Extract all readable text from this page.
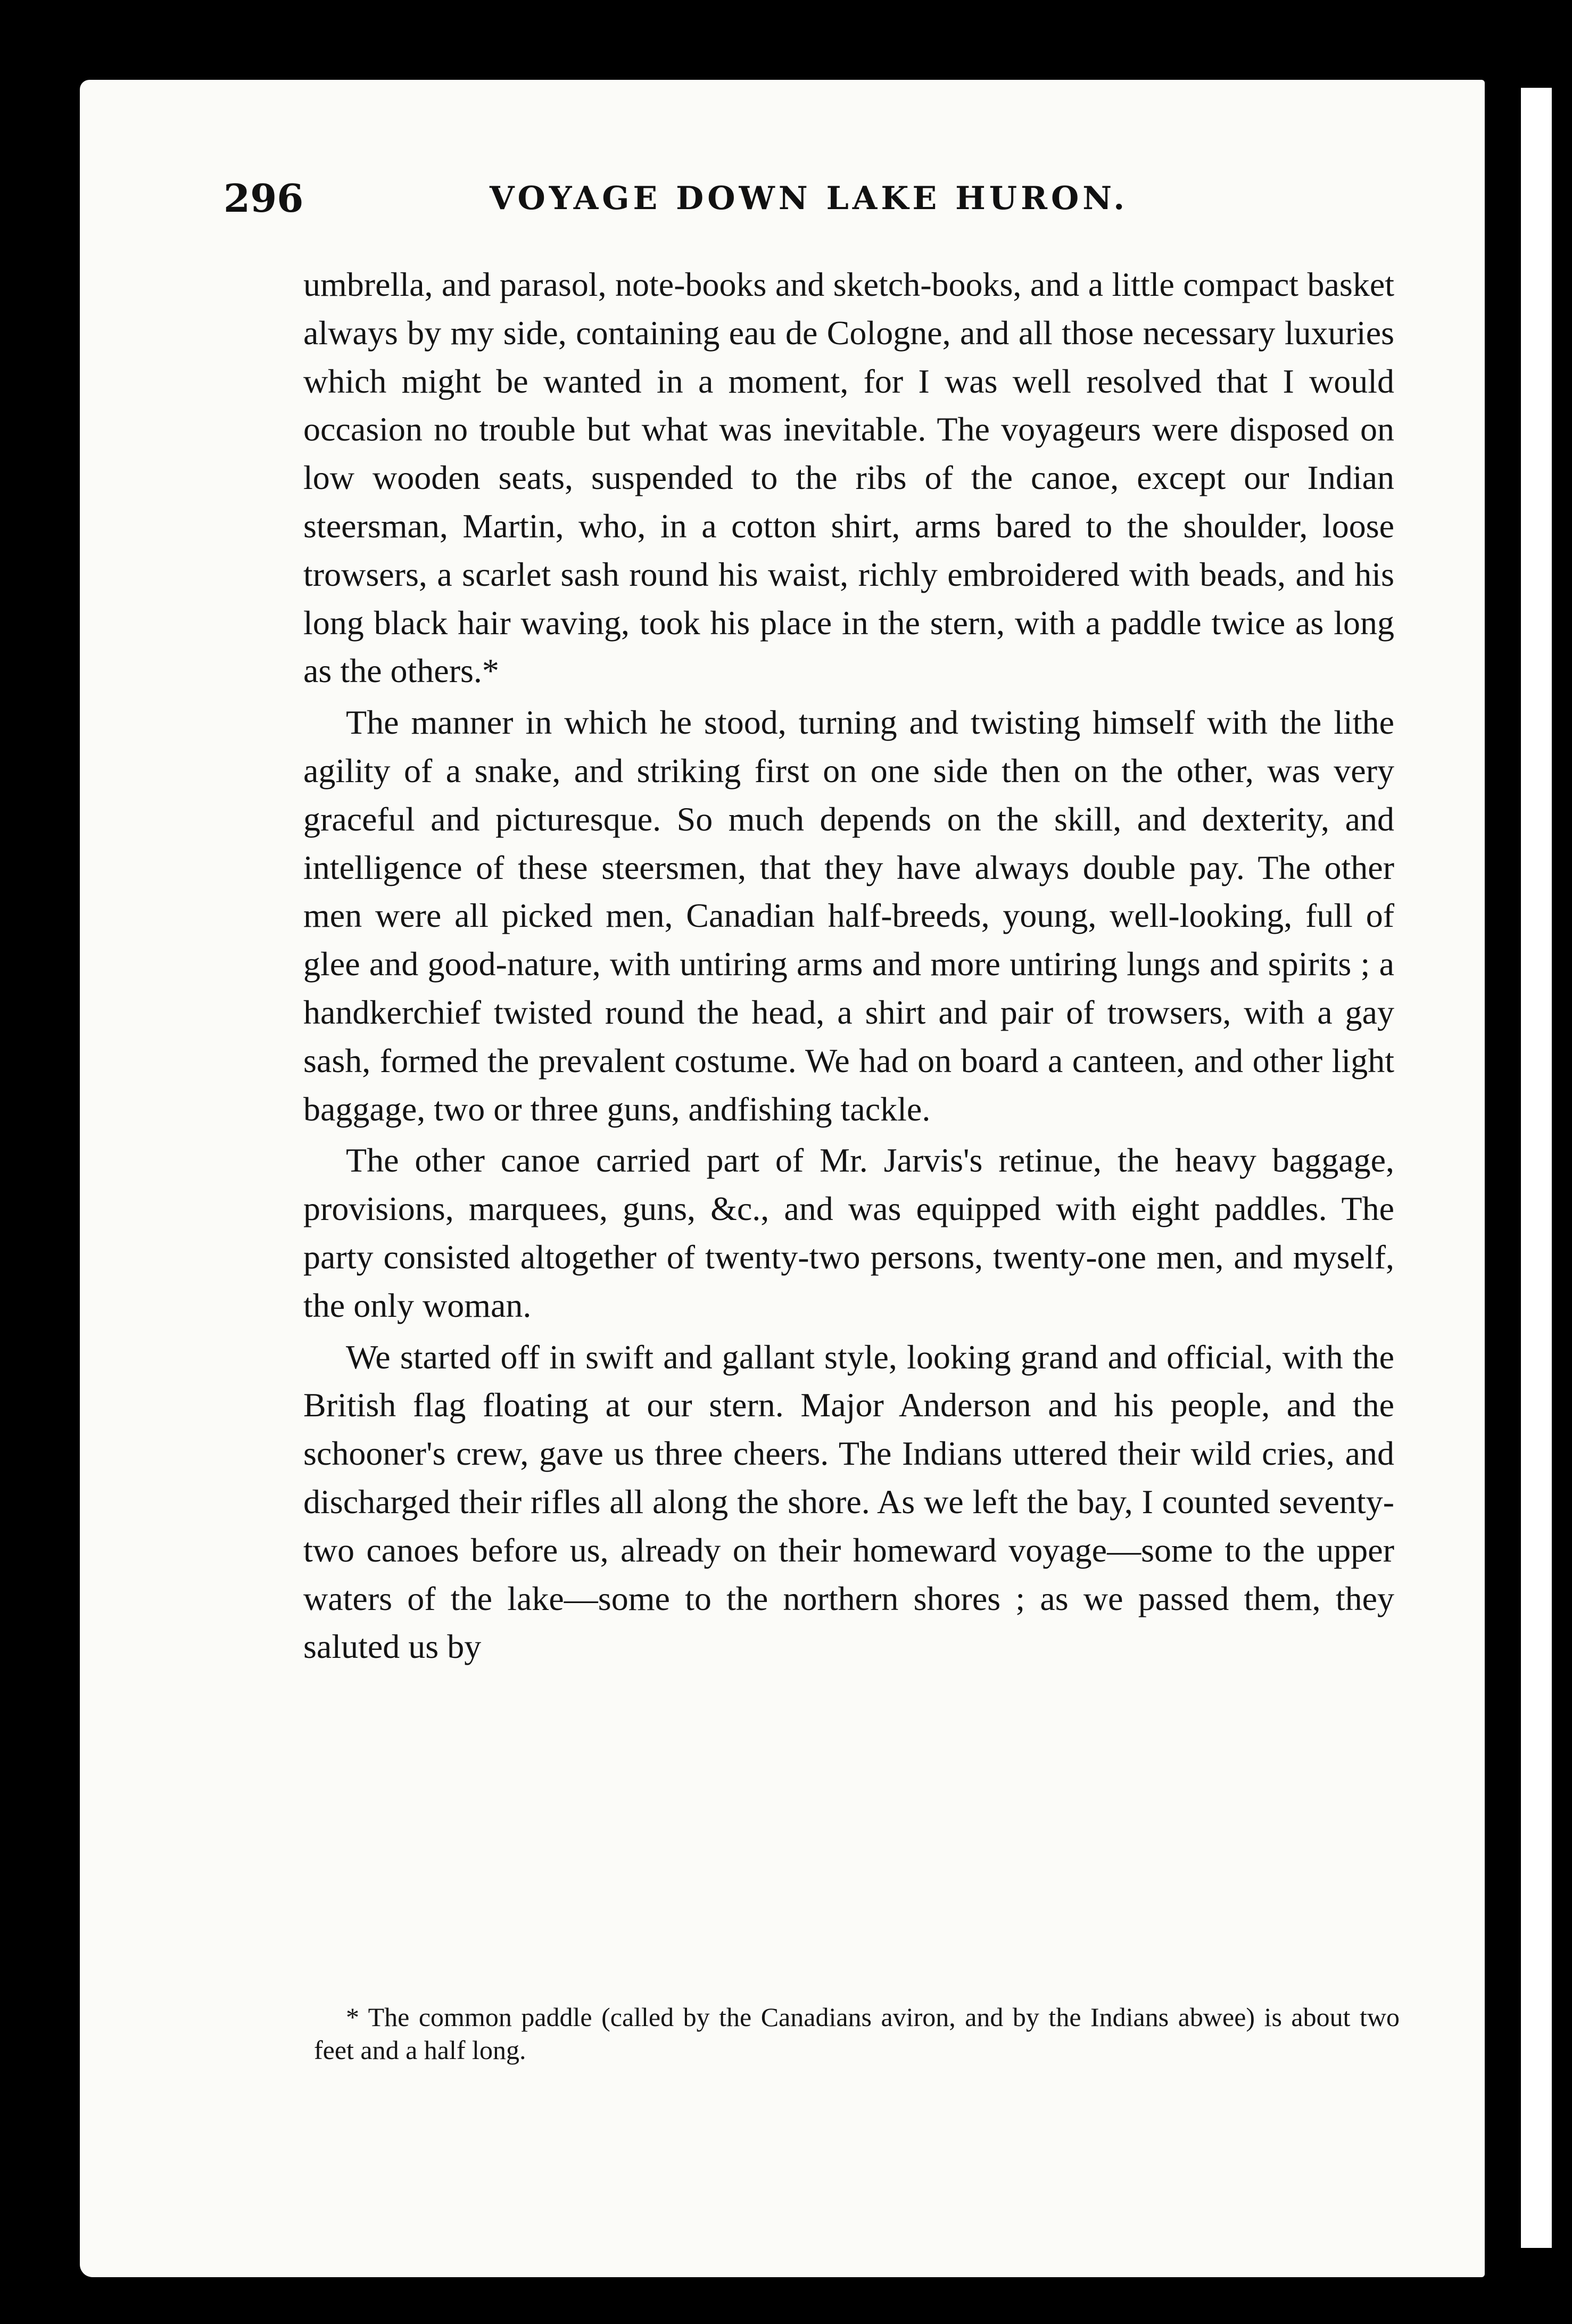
296	VOYAGE DOWN LAKE HURON.

umbrella, and parasol, note-books and sketch-books, and a little compact basket always by my side, containing eau de Cologne, and all those necessary luxuries which might be wanted in a moment, for I was well resolved that I would occasion no trouble but what was inevitable. The voyageurs were disposed on low wooden seats, suspended to the ribs of the canoe, except our Indian steersman, Martin, who, in a cotton shirt, arms bared to the shoulder, loose trowsers, a scarlet sash round his waist, richly embroidered with beads, and his long black hair waving, took his place in the stern, with a paddle twice as long as the others.*

The manner in which he stood, turning and twisting himself with the lithe agility of a snake, and striking first on one side then on the other, was very graceful and picturesque. So much depends on the skill, and dexterity, and intelligence of these steersmen, that they have always double pay. The other men were all picked men, Canadian half-breeds, young, well-looking, full of glee and good-nature, with untiring arms and more untiring lungs and spirits ; a handkerchief twisted round the head, a shirt and pair of trowsers, with a gay sash, formed the prevalent costume. We had on board a canteen, and other light baggage, two or three guns, andfishing tackle.

The other canoe carried part of Mr. Jarvis's retinue, the heavy baggage, provisions, marquees, guns, &c., and was equipped with eight paddles. The party consisted altogether of twenty-two persons, twenty-one men, and myself, the only woman.

We started off in swift and gallant style, looking grand and official, with the British flag floating at our stern. Major Anderson and his people, and the schooner's crew, gave us three cheers. The Indians uttered their wild cries, and discharged their rifles all along the shore. As we left the bay, I counted seventy-two canoes before us, already on their homeward voyage—some to the upper waters of the lake—some to the northern shores ; as we passed them, they saluted us by

* The common paddle (called by the Canadians aviron, and by the Indians abwee) is about two feet and a half long.
